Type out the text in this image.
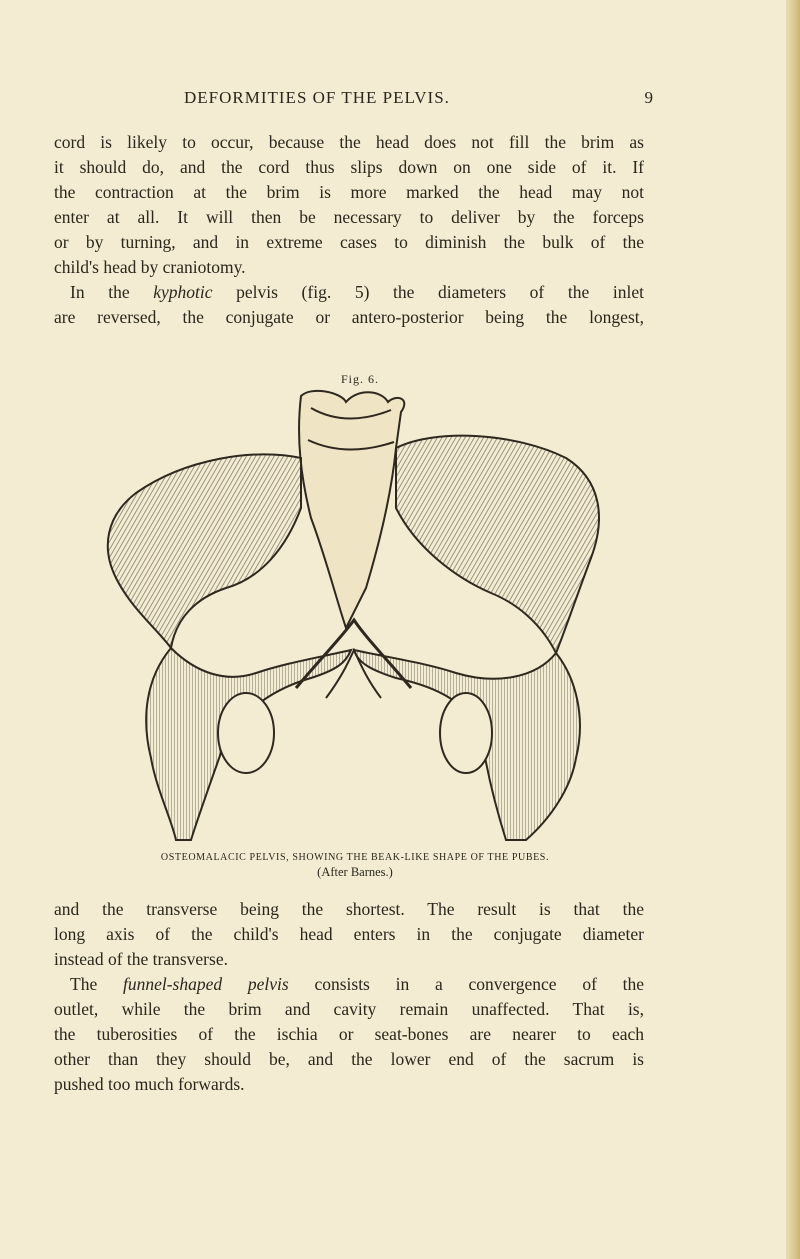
DEFORMITIES OF THE PELVIS.	9
cord is likely to occur, because the head does not fill the brim as
it should do, and the cord thus slips down on one side of it. If
the contraction at the brim is more marked the head may not
enter at all. It will then be necessary to deliver by the forceps
or by turning, and in extreme cases to diminish the bulk of the
child's head by craniotomy.
In the kyphotic pelvis (fig. 5) the diameters of the inlet
are reversed, the conjugate or antero-posterior being the longest,
Fig. 6.
OSTEOMALACIC PELVIS, SHOWING THE BEAK-LIKE SHAPE OF THE PUBES.
(After Barnes.)
and the transverse being the shortest. The result is that the
long axis of the child's head enters in the conjugate diameter
instead of the transverse.
The funnel-shaped pelvis consists in a convergence of the
outlet, while the brim and cavity remain unaffected. That is,
the tuberosities of the ischia or seat-bones are nearer to each
other than they should be, and the lower end of the sacrum is
pushed too much forwards.
